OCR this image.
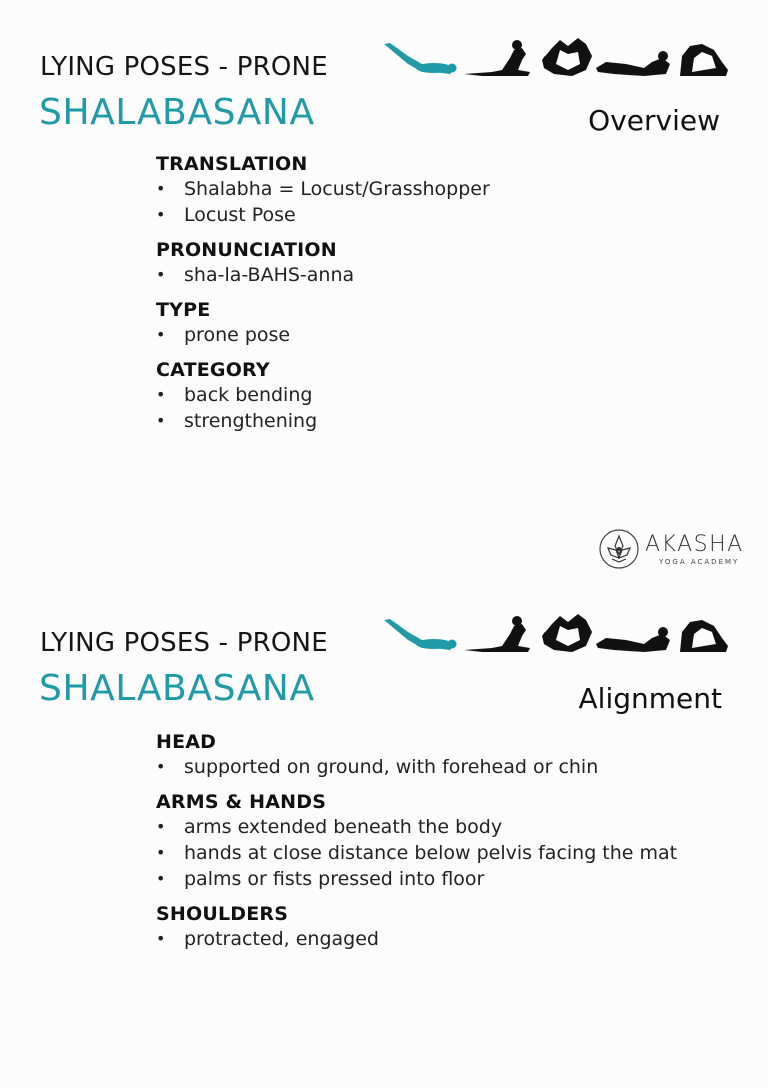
LYING POSES - PRONE
SHALABASANA	Overview
TRANSLATION
• Shalabha = Locust/Grasshopper
• Locust Pose
PRONUNCIATION
• sha-la-BAHS-anna
TYPE
• prone pose
CATEGORY
• back bending
• strengthening
AKASHA
YOGA ACADEMY
LYING POSES - PRONE
SHALABASANA	Alignment
HEAD
• supported on ground, with forehead or chin
ARMS & HANDS
• arms extended beneath the body
• hands at close distance below pelvis facing the mat
• palms or fists pressed into floor
SHOULDERS
• protracted, engaged
